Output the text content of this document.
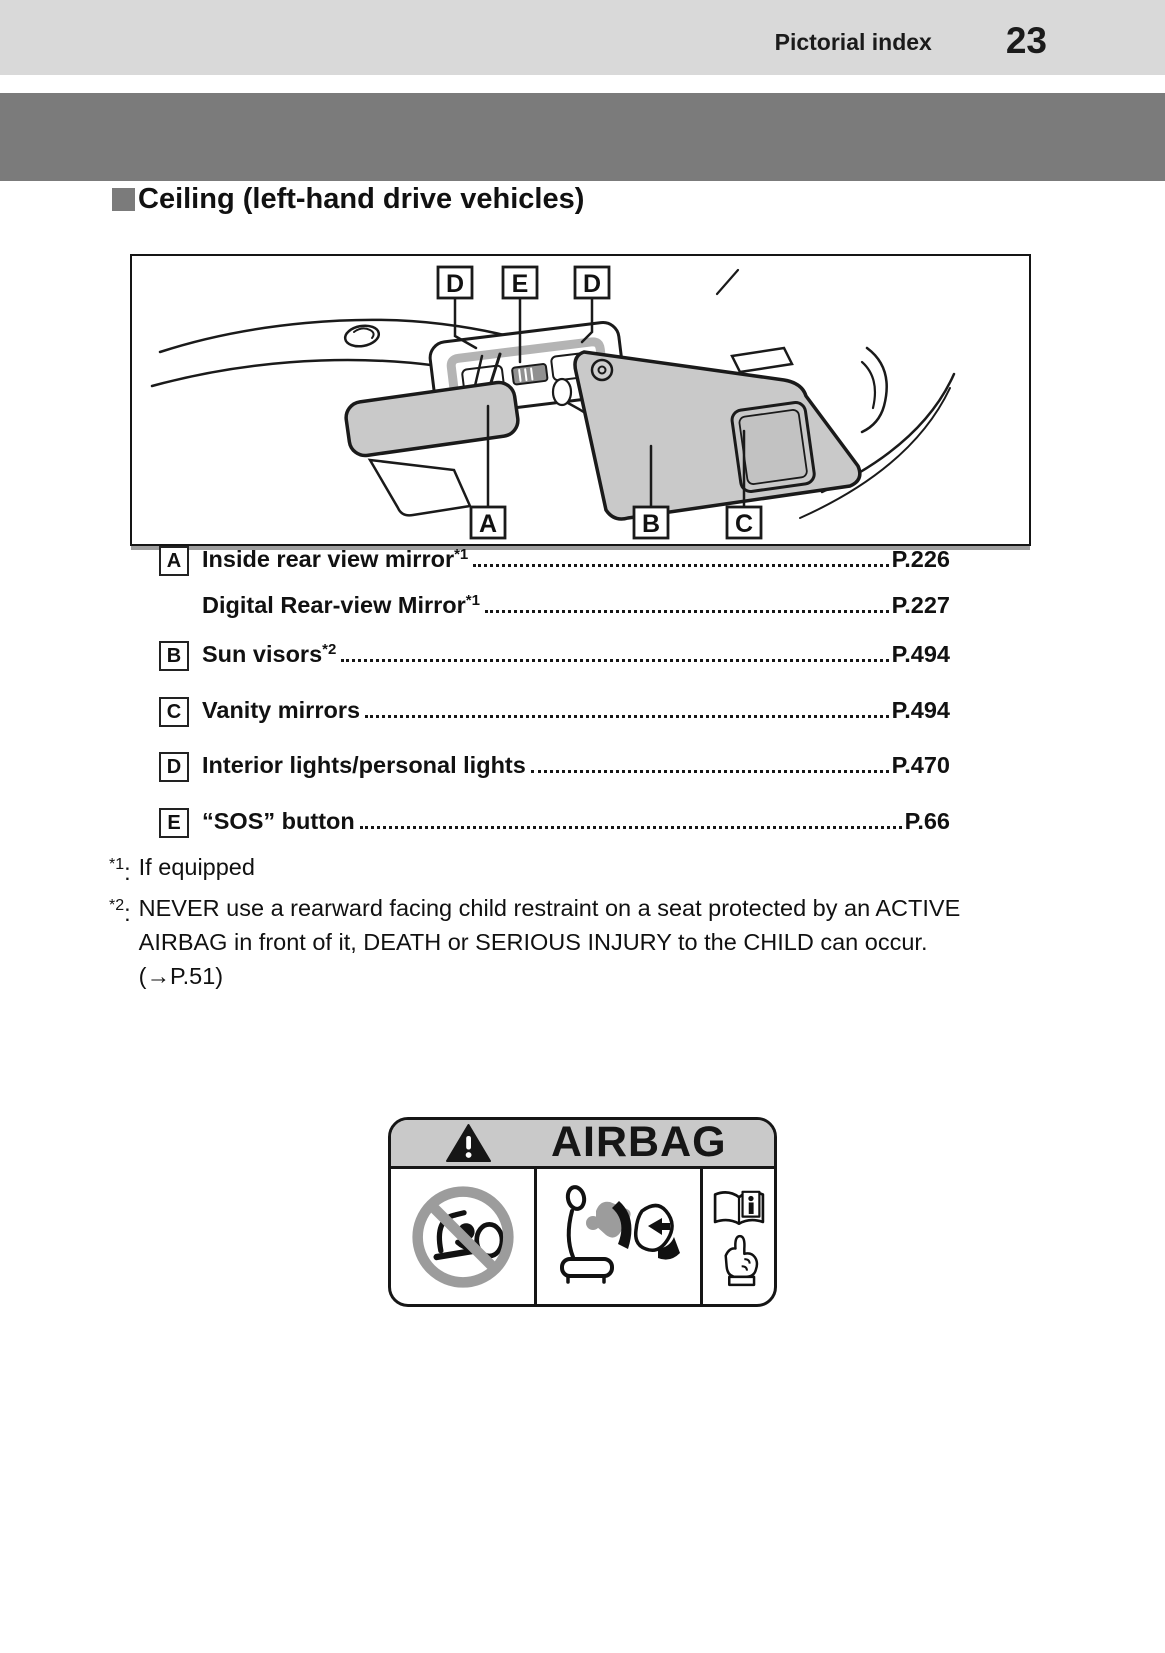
Pictorial index 23
Ceiling (left-hand drive vehicles)
D E D
A	B	C
A Inside rear view mirror *1	P.226
Digital Rear-view Mirror *1	P.227
B Sun visors *2	P.494
C Vanity mirrors	P.494
D Interior lights/personal lights	P.470
E “SOS” button	P.66
$^{*1}$: If equipped
$^{*2}$: NEVER use a rearward facing child restraint on a seat protected by an ACTIVE
AIRBAG in front of it, DEATH or SERIOUS INJURY to the CHILD can occur.
(→P.51)
AIRBAG
